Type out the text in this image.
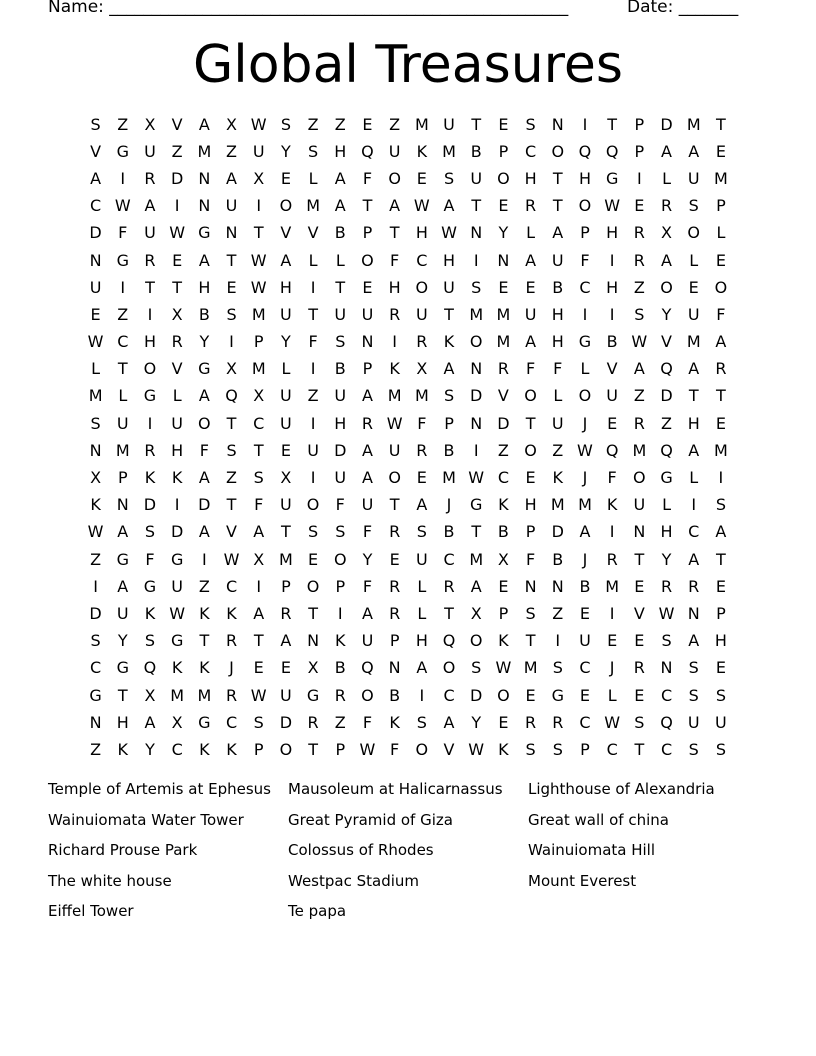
Name: ______________________________________________________	Date: _______
Global Treasures
S	Z	X	V	A	X W S	Z	Z	E	Z M U	T	E	S	N	I	T	P	D M T
V G U Z M Z U	Y	S	H Q U	K M B	P	C O Q Q	P	A	A	E
A	I	R D N A	X	E	L	A	F	O E	S	U O H	T	H G	I	L	U M
C W A	I	N U	I	O M A	T	A W A	T	E	R	T	O W E	R	S	P
D	F	U W G N	T	V	V	B	P	T	H W N	Y	L	A	P	H R	X O	L
N G R	E	A	T W A	L	L	O	F	C H	I	N A U	F	I	R	A	L	E
U	I	T	T	H	E W H	I	T	E	H O U	S	E	E	B	C H Z O E O
E	Z	I	X	B	S M U	T	U U R U	T M M U H	I	I	S	Y	U	F
W C H R	Y	I	P	Y	F	S	N	I	R	K O M A H G B W V M A
L	T	O V G X M L	I	B	P	K	X	A N R	F	F	L	V	A Q A	R
M L	G	L	A Q X U Z U A M M S D V O	L	O U Z D	T	T
S	U	I	U O	T	C U	I	H R W F	P	N D	T	U	J	E	R	Z H	E
N M R H	F	S	T	E	U D A U R	B	I	Z O Z W Q M Q A M
X	P	K	K	A	Z	S	X	I	U A O E M W C	E	K	J	F	O G	L	I
K N D	I	D	T	F	U O	F	U	T	A	J	G K H M M K	U	L	I	S
W A	S D A	V	A	T	S	S	F	R	S	B	T	B	P	D A	I	N H C	A
Z G	F	G	I	W X M E O	Y	E	U C M X	F	B	J	R	T	Y	A	T
I	A G U Z	C	I	P	O	P	F	R	L	R	A	E	N N B M E	R	R	E
D U	K W K	K	A	R	T	I	A	R	L	T	X	P	S	Z	E	I	V W N	P
S	Y	S G	T	R	T	A N K	U	P	H Q O K	T	I	U	E	E	S	A H
C G Q K	K	J	E	E	X	B Q N A O S W M S	C	J	R N	S	E
G	T	X M M R W U G R O B	I	C D O E G E	L	E	C	S	S
N H A	X G C	S D R	Z	F	K	S	A	Y	E	R	R	C W S Q U U
Z	K	Y	C	K	K	P	O	T	P W F	O V W K	S	S	P	C	T	C	S	S
Temple of Artemis at Ephesus	Mausoleum at Halicarnassus	Lighthouse of Alexandria
Wainuiomata Water Tower	Great Pyramid of Giza	Great wall of china
Richard Prouse Park	Colossus of Rhodes	Wainuiomata Hill
The white house	Westpac Stadium	Mount Everest
Eiffel Tower	Te papa
